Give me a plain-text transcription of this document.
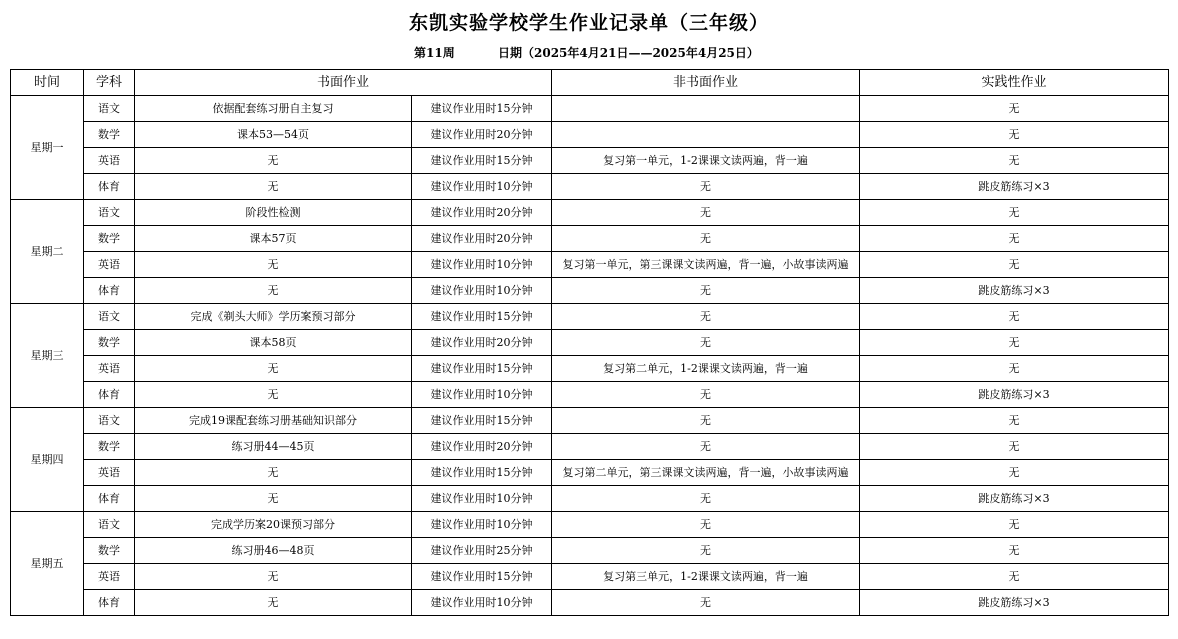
东凯实验学校学生作业记录单（三年级）
第11周	日期（2025年4月21日——2025年4月25日）
时间	学科	书面作业		非书面作业	实践性作业
星期一	语文	依据配套练习册自主复习	建议作业用时15分钟		无
	数学	课本53—54页	建议作业用时20分钟		无
	英语	无	建议作业用时15分钟	复习第一单元，1-2课课文读两遍，背一遍	无
	体育	无	建议作业用时10分钟	无	跳皮筋练习×3
星期二	语文	阶段性检测	建议作业用时20分钟	无	无
	数学	课本57页	建议作业用时20分钟	无	无
	英语	无	建议作业用时10分钟	复习第一单元，第三课课文读两遍，背一遍，小故事读两遍	无
	体育	无	建议作业用时10分钟	无	跳皮筋练习×3
星期三	语文	完成《剃头大师》学历案预习部分	建议作业用时15分钟	无	无
	数学	课本58页	建议作业用时20分钟	无	无
	英语	无	建议作业用时15分钟	复习第二单元，1-2课课文读两遍，背一遍	无
	体育	无	建议作业用时10分钟	无	跳皮筋练习×3
星期四	语文	完成19课配套练习册基础知识部分	建议作业用时15分钟	无	无
	数学	练习册44—45页	建议作业用时20分钟	无	无
	英语	无	建议作业用时15分钟	复习第二单元，第三课课文读两遍，背一遍，小故事读两遍	无
	体育	无	建议作业用时10分钟	无	跳皮筋练习×3
星期五	语文	完成学历案20课预习部分	建议作业用时10分钟	无	无
	数学	练习册46—48页	建议作业用时25分钟	无	无
	英语	无	建议作业用时15分钟	复习第三单元，1-2课课文读两遍，背一遍	无
	体育	无	建议作业用时10分钟	无	跳皮筋练习×3
